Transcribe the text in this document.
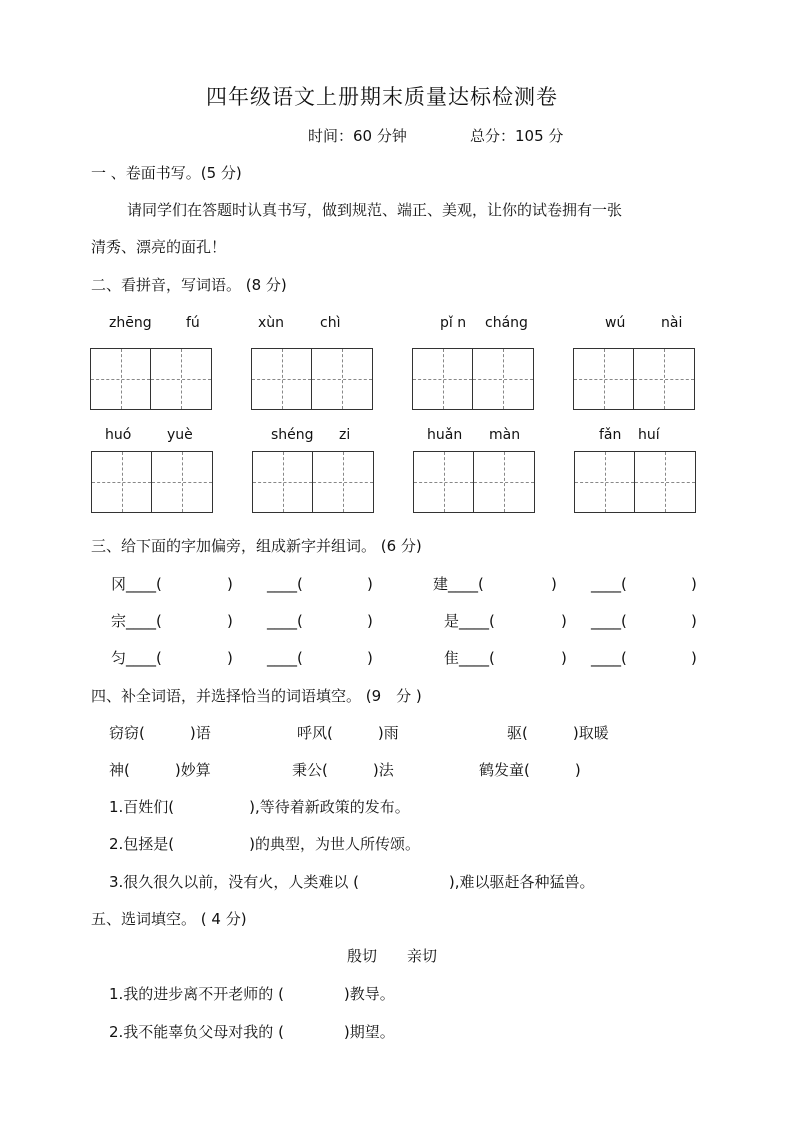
四年级语文上册期末质量达标检测卷
时间：60 分钟	总分：105 分
一 、卷面书写。(5 分)
请同学们在答题时认真书写，做到规范、端正、美观，让你的试卷拥有一张
清秀、漂亮的面孔！
二、看拼音，写词语。 (8 分)
zhēng fú	xùn	chì	pǐ n cháng	wú	nài
huó	yuè	shéng zi	huǎn màn	fǎn huí
三、给下面的字加偏旁，组成新字并组词。 (6 分)
冈____(	) ____(	)	建____(	) ____(	)
宗____(	) ____(	)	是____(	) ____(	)
匀____(	) ____(	)	隹____(	) ____(	)
四、补全词语，并选择恰当的词语填空。 (9　分 )
窃窃(　　　)语	呼风(　　　)雨	驱(　　　)取暖
神(　　　)妙算	秉公(　　　)法	鹤发童(　　　)
1.百姓们(　　　　　),等待着新政策的发布。
2.包拯是(　　　　　)的典型，为世人所传颂。
3.很久很久以前，没有火，人类难以 (　　　　　　),难以驱赶各种猛兽。
五、选词填空。 ( 4 分)
殷切　　亲切
1.我的进步离不开老师的 (　　　　)教导。
2.我不能辜负父母对我的 (　　　　)期望。
